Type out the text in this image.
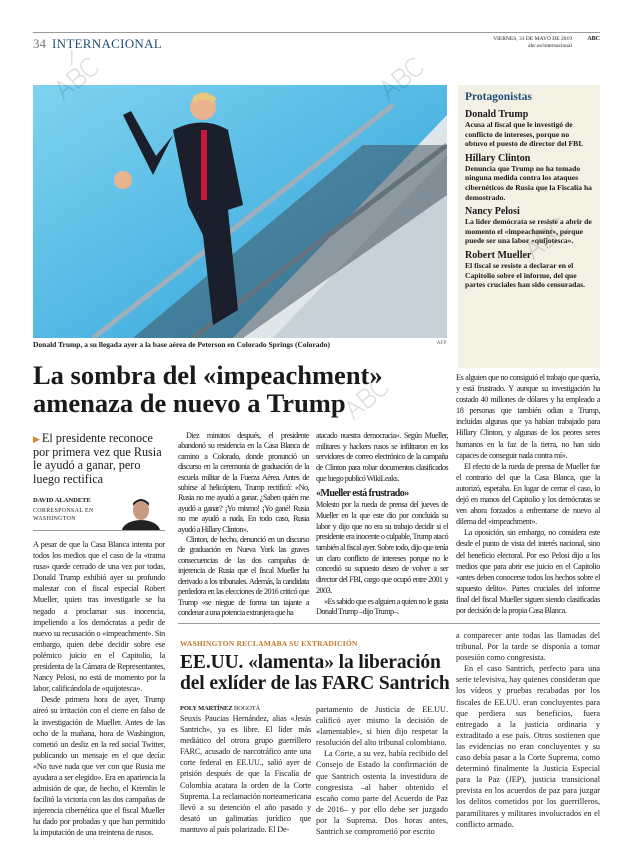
34 INTERNACIONAL	VIERNES, 31 DE MAYO DE 2019
abc.es/internacional
ABC
Protagonistas
Donald Trump

Acusa al fiscal que le investigó de conflicto de intereses, porque no obtuvo el puesto de director del FBI.

Hillary Clinton

Denuncia que Trump no ha tomado ninguna medida contra los ataques cibernéticos de Rusia que la Fiscalía ha demostrado.

Nancy Pelosi

La líder demócrata se resiste a abrir de momento el «impeachment», porque puede ser una labor «quijotesca».

Robert Mueller

El fiscal se resiste a declarar en el Capitolio sobre el informe, del que partes cruciales han sido censuradas.

Donald Trump, a su llegada ayer a la base aérea de Peterson en Colorado Springs (Colorado)	AFP
La sombra del «impeachment» amenaza de nuevo a Trump
▶ El presidente reconoce por primera vez que Rusia le ayudó a ganar, pero luego rectifica
DAVID ALANDETE
CORRESPONSAL EN WASHINGTON

A pesar de que la Casa Blanca intenta por todos los medios que el caso de la «trama rusa» quede cerrado de una vez por todas, Donald Trump exhibió ayer su profundo malestar con el fiscal especial Robert Mueller, quien tras investigarle se ha negado a proclamar sus inocencia, impeliendo a los demócratas a pedir de nuevo su recusación o «impeachment». Sin embargo, quien debe decidir sobre ese polémico juicio en el Capitolio, la presidenta de la Cámara de Representantes, Nancy Pelosi, no está de momento por la labor, calificándola de «quijotesca».

Desde primera hora de ayer, Trump aireó su irritación con el cierre en falso de la investigación de Mueller. Antes de las ocho de la mañana, hora de Washington, cometió un desliz en la red social Twitter, publicando un mensaje en el que decía: «No tuve nada que ver con que Rusia me ayudara a ser elegido». Era en apariencia la admisión de que, de hecho, el Kremlin le facilitó la victoria con las dos campañas de injerencia cibernética que el fiscal Mueller ha dado por probadas y que han permitido la imputación de una treintena de rusos.

Diez minutos después, el presidente abandonó su residencia en la Casa Blanca de camino a Colorado, donde pronunció un discurso en la ceremonia de graduación de la escuela militar de la Fuerza Aérea. Antes de subirse al helicóptero, Trump rectificó: «No, Rusia no me ayudó a ganar. ¿Saben quién me ayudó a ganar? ¡Yo mismo! ¡Yo gané! Rusia no me ayudó a nada. En todo caso, Rusia ayudó a Hillary Clinton».

Clinton, de hecho, denunció en un discurso de graduación en Nueva York las graves consecuencias de las dos campañas de injerencia de Rusia que el fiscal Mueller ha derivado a los tribunales. Además, la candidata perdedora en las elecciones de 2016 criticó que Trump «se niegue de forma tan tajante a condenar a una potencia extranjera que ha

atacado nuestra democracia». Según Mueller, militares y hackers rusos se infiltraron en los servidores de correo electrónico de la campaña de Clinton para robar documentos clasificados que luego publicó WikiLeaks.

«Mueller está frustrado»

Molesto por la rueda de prensa del jueves de Mueller en la que este dio por concluida su labor y dijo que no era su trabajo decidir si el presidente era inocente o culpable, Trump atacó también al fiscal ayer. Sobre todo, dijo que tenía un claro conflicto de intereses porque no le concedió su supuesto deseo de volver a ser director del FBI, cargo que ocupó entre 2001 y 2003.

«Es sabido que es alguien a quien no le gusta Donald Trump –dijo Trump–.

Es alguien que no consiguió el trabajo que quería, y está frustrado. Y aunque su investigación ha costado 40 millones de dólares y ha empleado a 18 personas que también odian a Trump, incluidas algunas que ya habían trabajado para Hillary Clinton, y algunas de los peores seres humanos en la faz de la tierra, no han sido capaces de conseguir nada contra mí».

El efecto de la rueda de prensa de Mueller fue el contrario del que la Casa Blanca, que la autorizó, esperaba. En lugar de cerrar el caso, lo dejó en manos del Capitolio y los demócratas se ven ahora forzados a enfrentarse de nuevo al dilema del «impeachment».

La oposición, sin embargo, no considera este desde el punto de vista del interés nacional, sino del beneficio electoral. Por eso Pelosi dijo a los medios que para abrir ese juicio en el Capitolio «antes deben conocerse todos los hechos sobre el supuesto delito». Partes cruciales del informe final del fiscal Mueller siguen siendo clasificadas por decisión de la propia Casa Blanca.

WASHINGTON RECLAMABA SU EXTRADICIÓN
EE.UU. «lamenta» la liberación del exlíder de las FARC Santrich
POLY MARTÍNEZ BOGOTÁ

Seuxis Paucias Hernández, alias «Jesús Santrich», ya es libre. El líder más mediático del otrora grupo guerrillero FARC, acusado de narcotráfico ante una corte federal en EE.UU., salió ayer de prisión después de que la Fiscalía de Colombia acatara la orden de la Corte Suprema. La reclamación norteamericana llevó a su detención el año pasado y desató un galimatías jurídico que mantuvo al país polarizado. El De-

partamento de Justicia de EE.UU. calificó ayer mismo la decisión de «lamentable», si bien dijo respetar la resolución del alto tribunal colombiano.

La Corte, a su vez, había recibido del Consejo de Estado la confirmación de que Santrich ostenta la investidura de congresista –al haber obtenido el escaño como parte del Acuerdo de Paz de 2016– y por ello debe ser juzgado por la Suprema. Dos horas antes, Santrich se comprometió por escrito

a comparecer ante todas las llamadas del tribunal. Por la tarde se disponía a tomar posesión como congresista.

En el caso Santrich, perfecto para una serie televisiva, hay quienes consideran que los vídeos y pruebas recabadas por los fiscales de EE.UU. eran concluyentes para que perdiera sus beneficios, fuera entregado a la justicia ordinaria y extraditado a ese país. Otros sostienen que las evidencias no eran concluyentes y su caso debía pasar a la Corte Suprema, como determinó finalmente la Justicia Especial para la Paz (JEP), justicia transicional prevista en los acuerdos de paz para juzgar los delitos cometidos por los guerrilleros, paramilitares y militares involucrados en el conflicto armado.
